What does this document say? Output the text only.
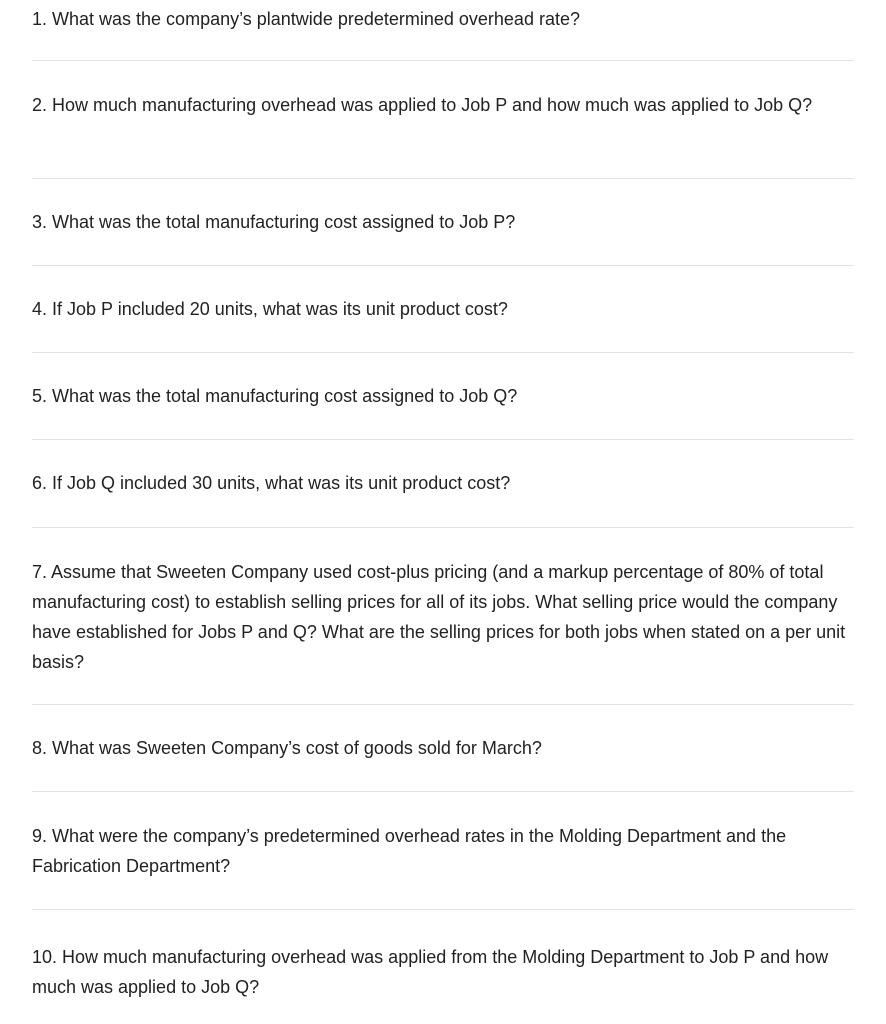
1. What was the company’s plantwide predetermined overhead rate?

2. How much manufacturing overhead was applied to Job P and how much was applied to Job Q?

3. What was the total manufacturing cost assigned to Job P?

4. If Job P included 20 units, what was its unit product cost?

5. What was the total manufacturing cost assigned to Job Q?

6. If Job Q included 30 units, what was its unit product cost?

7. Assume that Sweeten Company used cost-plus pricing (and a markup percentage of 80% of total manufacturing cost) to establish selling prices for all of its jobs. What selling price would the company have established for Jobs P and Q? What are the selling prices for both jobs when stated on a per unit basis?

8. What was Sweeten Company’s cost of goods sold for March?

9. What were the company’s predetermined overhead rates in the Molding Department and the Fabrication Department?

10. How much manufacturing overhead was applied from the Molding Department to Job P and how much was applied to Job Q?
